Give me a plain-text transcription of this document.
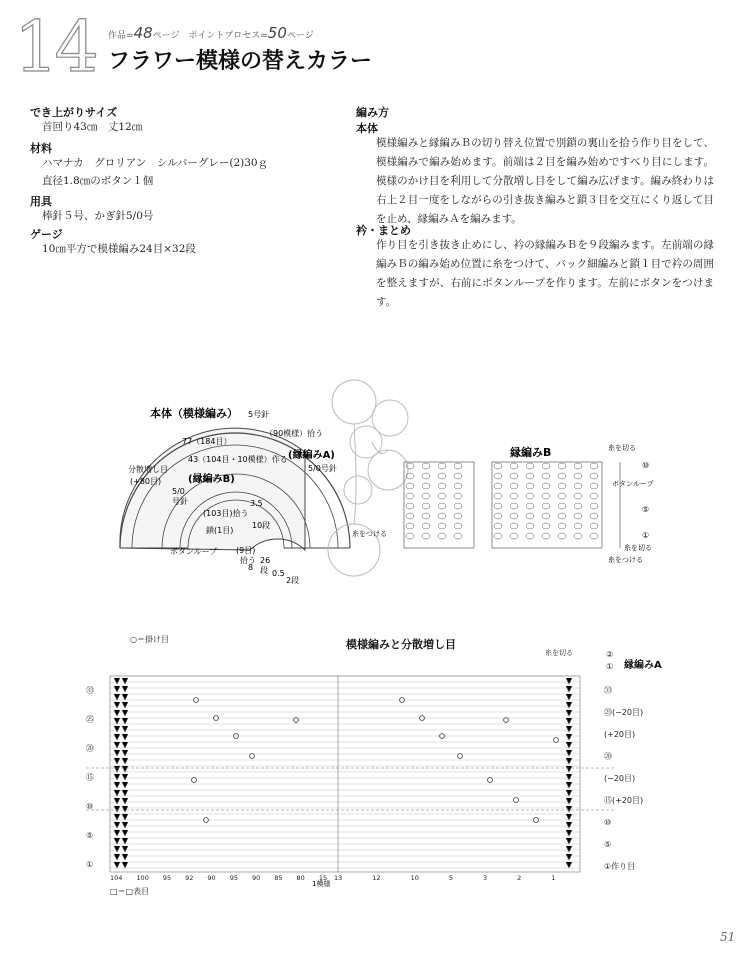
14 作品=48ページ　 ポイントプロセス=50ページ
フラワー模様の替えカラー
でき上がりサイズ
首回り43㎝　丈12㎝
材料
ハマナカ　グロリアン　シルバーグレー(2)30ｇ
直径1.8㎝のボタン１個
用具
棒針５号、かぎ針5/0号
ゲージ
10㎝平方で模様編み24目×32段
編み方
本体
模様編みと縁編みＢの切り替え位置で別鎖の裏山を拾う作り目をして、模様編みで編み始めます。前端は２目を編み始めですべり目にします。模様のかけ目を利用して分散増し目をして編み広げます。編み終わりは右上２目一度をしながらの引き抜き編みと鎖３目を交互にくり返して目を止め、縁編みＡを編みます。
衿・まとめ
作り目を引き抜き止めにし、衿の縁編みＢを９段編みます。左前端の縁編みＢの編み始め位置に糸をつけて、バック細編みと鎖１目で衿の周囲を整えますが、右前にボタンループを作ります。左前にボタンをつけます。
本体（模様編み） 5号針
77（184目）
（90模様）拾う
43（104目・10模様）作る (縁編みA)
5/0号針
分散増し目
(+80目)	(縁編みB)
5/0
号針
(103目)拾う
鎖(1目)
ボタンループ (9目)
拾う
3.5
10段
26
段
8
0.5
2段
縁編みB	糸を切る
⑩
ボタンループ
⑤
①
糸を切る
糸をつける
糸をつける
模様編みと分散増し目
○＝掛け目
□＝□表目
糸を切る
縁編みA
②
①
1模様
㉝
㉓(−20目)
(+20目)
⑳
(−20目)
⑮(+20目)
⑩
⑤
①作り目
㉝
㉕
⑳
⑮
⑩
⑤
①
104 100 95 92 90 95 90 85 80 15	13	12	10	5	3	2	1
51
